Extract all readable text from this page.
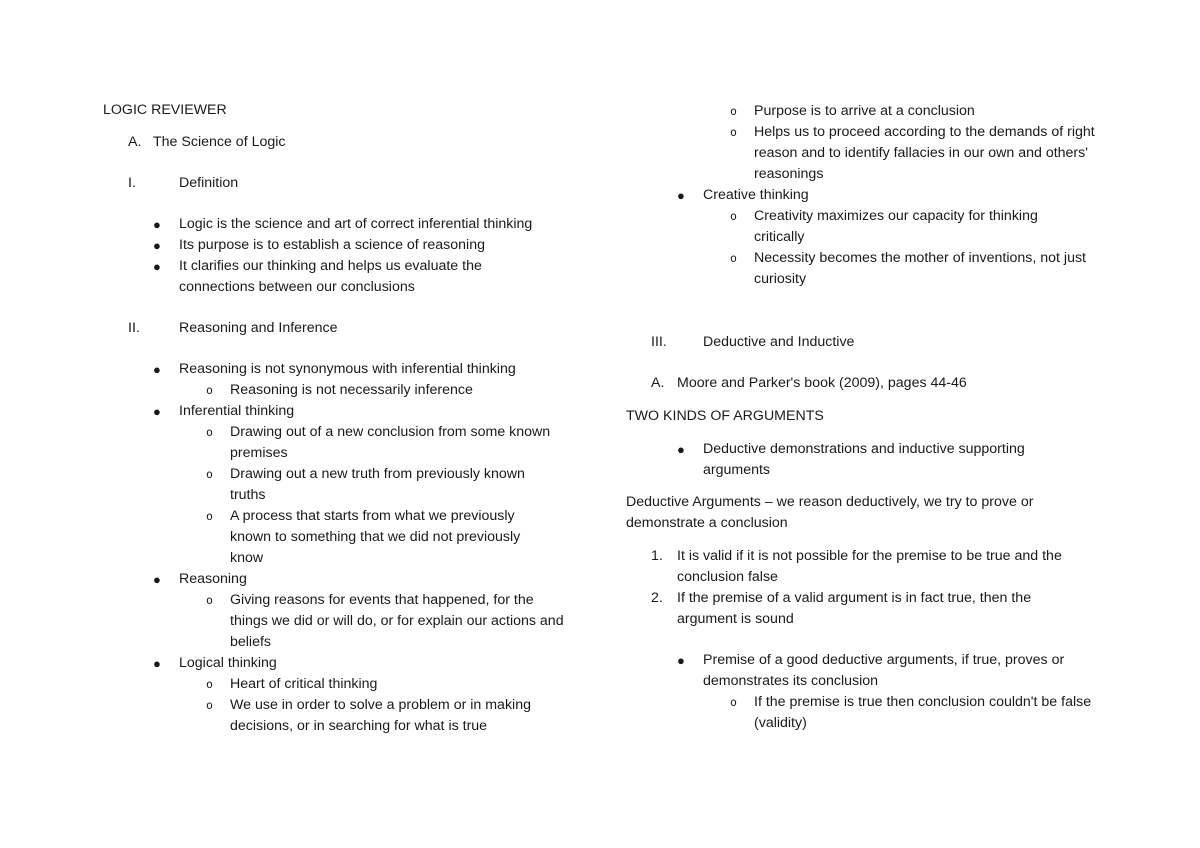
LOGIC REVIEWER
A. The Science of Logic
I.	Definition
● Logic is the science and art of correct inferential thinking
● Its purpose is to establish a science of reasoning
● It clarifies our thinking and helps us evaluate the connections between our conclusions
II.	Reasoning and Inference
● Reasoning is not synonymous with inferential thinking
o Reasoning is not necessarily inference
● Inferential thinking
o Drawing out of a new conclusion from some known premises
o Drawing out a new truth from previously known truths
o A process that starts from what we previously known to something that we did not previously know
● Reasoning
o Giving reasons for events that happened, for the things we did or will do, or for explain our actions and beliefs
● Logical thinking
o Heart of critical thinking
o We use in order to solve a problem or in making decisions, or in searching for what is true
o Purpose is to arrive at a conclusion
o Helps us to proceed according to the demands of right reason and to identify fallacies in our own and others' reasonings
● Creative thinking
o Creativity maximizes our capacity for thinking critically
o Necessity becomes the mother of inventions, not just curiosity
III.	Deductive and Inductive
A. Moore and Parker's book (2009), pages 44-46
TWO KINDS OF ARGUMENTS
● Deductive demonstrations and inductive supporting arguments

Deductive Arguments – we reason deductively, we try to prove or demonstrate a conclusion

1. It is valid if it is not possible for the premise to be true and the conclusion false
2. If the premise of a valid argument is in fact true, then the argument is sound
● Premise of a good deductive arguments, if true, proves or demonstrates its conclusion
o If the premise is true then conclusion couldn't be false (validity)
